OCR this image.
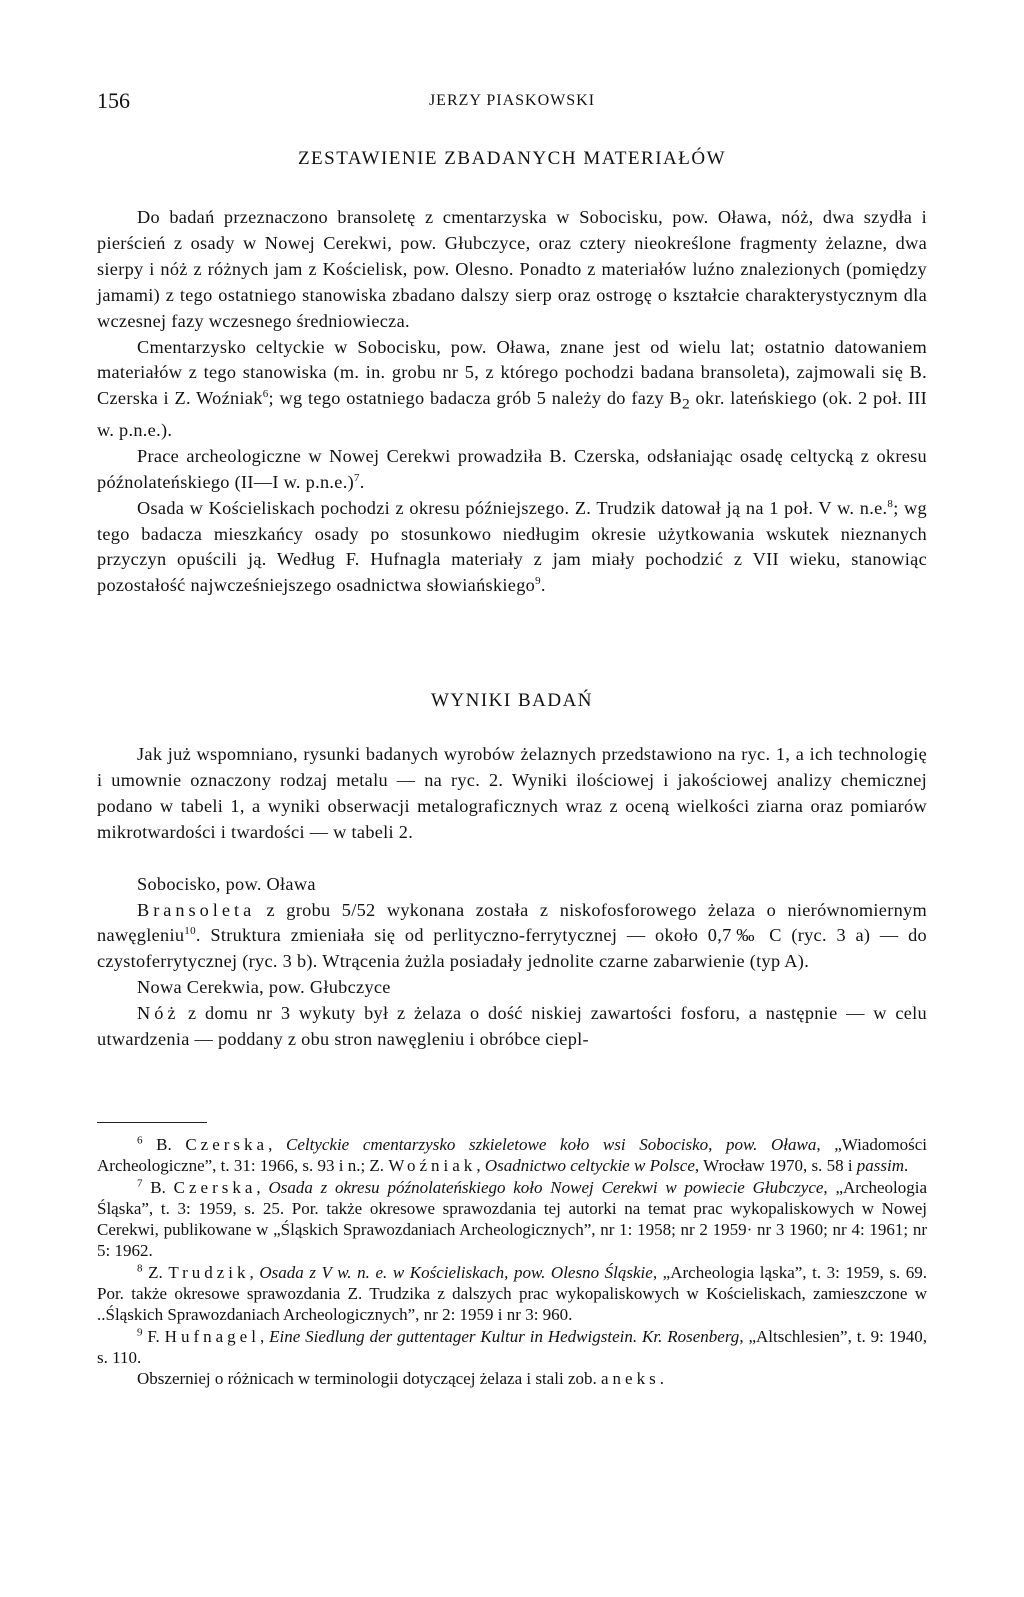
156	JERZY PIASKOWSKI
ZESTAWIENIE ZBADANYCH MATERIAŁÓW

Do badań przeznaczono bransoletę z cmentarzyska w Sobocisku, pow. Oława, nóż, dwa szydła i pierścień z osady w Nowej Cerekwi, pow. Głubczyce, oraz cztery nieokreślone fragmenty żelazne, dwa sierpy i nóż z różnych jam z Kościelisk, pow. Olesno. Ponadto z materiałów luźno znalezionych (pomiędzy jamami) z tego ostatniego stanowiska zbadano dalszy sierp oraz ostrogę o kształcie charakterystycznym dla wczesnej fazy wczesnego średniowiecza.

Cmentarzysko celtyckie w Sobocisku, pow. Oława, znane jest od wielu lat; ostatnio datowaniem materiałów z tego stanowiska (m. in. grobu nr 5, z którego pochodzi badana bransoleta), zajmowali się B. Czerska i Z. Woźniak$^6$; wg tego ostatniego badacza grób 5 należy do fazy $B_2$ okr. lateńskiego (ok. 2 poł. III w. p.n.e.).

Prace archeologiczne w Nowej Cerekwi prowadziła B. Czerska, odsłaniając osadę celtycką z okresu późnolateńskiego (II—I w. p.n.e.)$^7$.

Osada w Kościeliskach pochodzi z okresu późniejszego. Z. Trudzik datował ją na 1 poł. V w. n.e.$^8$; wg tego badacza mieszkańcy osady po stosunkowo niedługim okresie użytkowania wskutek nieznanych przyczyn opuścili ją. Według F. Hufnagla materiały z jam miały pochodzić z VII wieku, stanowiąc pozostałość najwcześniejszego osadnictwa słowiańskiego$^9$.

WYNIKI BADAŃ

Jak już wspomniano, rysunki badanych wyrobów żelaznych przedstawiono na ryc. 1, a ich technologię i umownie oznaczony rodzaj metalu — na ryc. 2. Wyniki ilościowej i jakościowej analizy chemicznej podano w tabeli 1, a wyniki obserwacji metalograficznych wraz z oceną wielkości ziarna oraz pomiarów mikrotwardości i twardości — w tabeli 2.

Sobocisko, pow. Oława

Bransoleta z grobu 5/52 wykonana została z niskofosforowego żelaza o nierównomiernym nawęgleniu$^{10}$. Struktura zmieniała się od perlityczno-ferrytycznej — około 0,7‰ C (ryc. 3 a) — do czystoferrytycznej (ryc. 3 b). Wtrącenia żużla posiadały jednolite czarne zabarwienie (typ A).

Nowa Cerekwia, pow. Głubczyce

Nóż z domu nr 3 wykuty był z żelaza o dość niskiej zawartości fosforu, a następnie — w celu utwardzenia — poddany z obu stron nawęgleniu i obróbce ciepl-

$^6$ B. Czerska, Celtyckie cmentarzysko szkieletowe koło wsi Sobocisko, pow. Oława, „Wiadomości Archeologiczne”, t. 31: 1966, s. 93 i n.; Z. Woźniak, Osadnictwo celtyckie w Polsce, Wrocław 1970, s. 58 i passim.

$^7$ B. Czerska, Osada z okresu późnolateńskiego koło Nowej Cerekwi w powiecie Głubczyce, „Archeologia Śląska”, t. 3: 1959, s. 25. Por. także okresowe sprawozdania tej autorki na temat prac wykopaliskowych w Nowej Cerekwi, publikowane w „Śląskich Sprawozdaniach Archeologicznych”, nr 1: 1958; nr 2 1959· nr 3 1960; nr 4: 1961; nr 5: 1962.

$^8$ Z. Trudzik, Osada z V w. n. e. w Kościeliskach, pow. Olesno Śląskie, „Archeologia ląska”, t. 3: 1959, s. 69. Por. także okresowe sprawozdania Z. Trudzika z dalszych prac wykopaliskowych w Kościeliskach, zamieszczone w ..Śląskich Sprawozdaniach Archeologicznych”, nr 2: 1959 i nr 3: 960.

$^9$ F. Hufnagel, Eine Siedlung der guttentager Kultur in Hedwigstein. Kr. Rosenberg, „Altschlesien”, t. 9: 1940, s. 110.

Obszerniej o różnicach w terminologii dotyczącej żelaza i stali zob. aneks.
